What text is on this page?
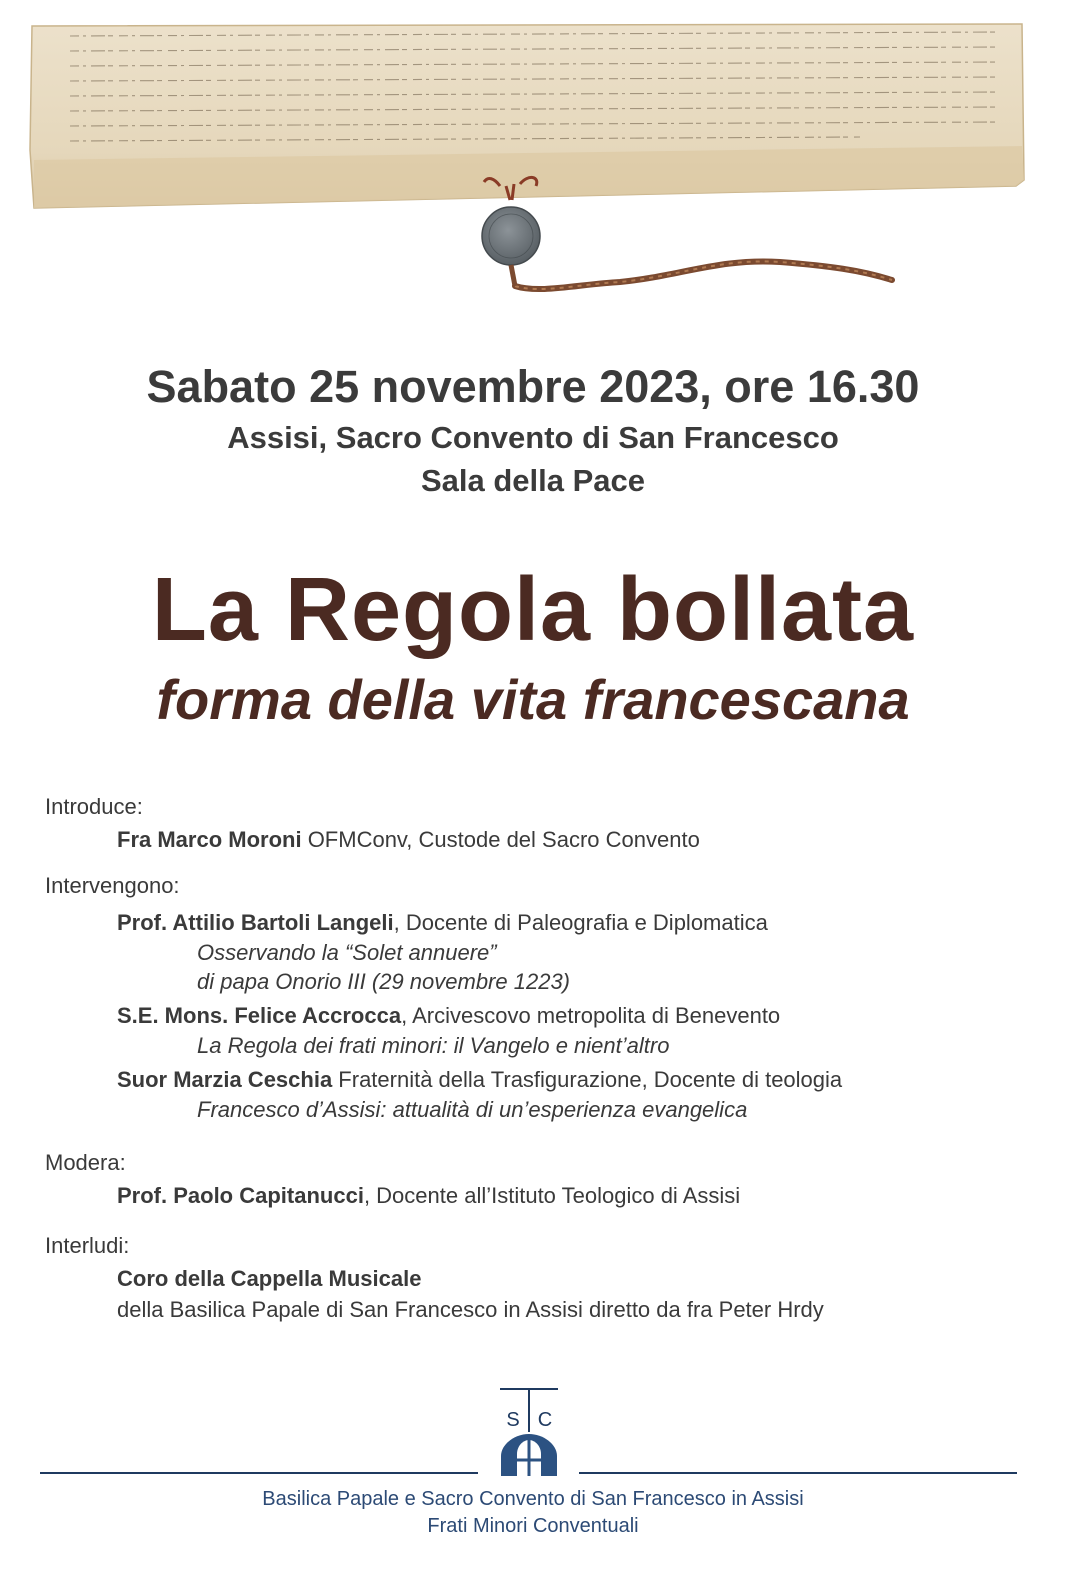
Sabato 25 novembre 2023, ore 16.30
Assisi, Sacro Convento di San Francesco
Sala della Pace
La Regola bollata
forma della vita francescana
Introduce:
Fra Marco Moroni OFMConv, Custode del Sacro Convento
Intervengono:
Prof. Attilio Bartoli Langeli, Docente di Paleografia e Diplomatica
Osservando la “Solet annuere”
di papa Onorio III (29 novembre 1223)
S.E. Mons. Felice Accrocca, Arcivescovo metropolita di Benevento
La Regola dei frati minori: il Vangelo e nient’altro
Suor Marzia Ceschia Fraternità della Trasfigurazione, Docente di teologia
Francesco d’Assisi: attualità di un’esperienza evangelica
Modera:
Prof. Paolo Capitanucci, Docente all’Istituto Teologico di Assisi
Interludi:
Coro della Cappella Musicale
della Basilica Papale di San Francesco in Assisi diretto da fra Peter Hrdy
S C
Basilica Papale e Sacro Convento di San Francesco in Assisi
Frati Minori Conventuali
